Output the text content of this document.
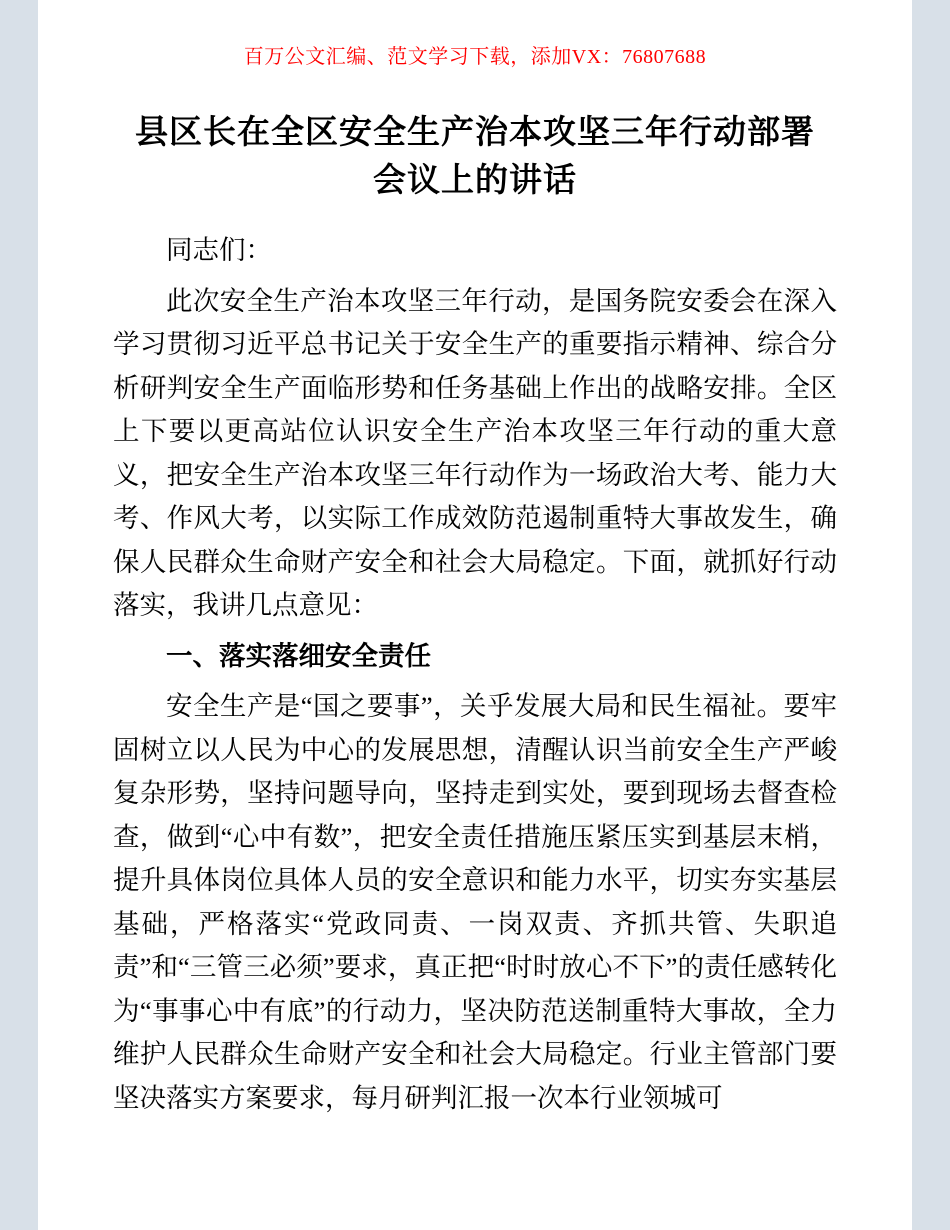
百万公文汇编、范文学习下载，添加VX：76807688
县区长在全区安全生产治本攻坚三年行动部署
会议上的讲话

同志们：

此次安全生产治本攻坚三年行动，是国务院安委会在深入学习贯彻习近平总书记关于安全生产的重要指示精神、综合分析研判安全生产面临形势和任务基础上作出的战略安排。全区上下要以更高站位认识安全生产治本攻坚三年行动的重大意义，把安全生产治本攻坚三年行动作为一场政治大考、能力大考、作风大考，以实际工作成效防范遏制重特大事故发生，确保人民群众生命财产安全和社会大局稳定。下面，就抓好行动落实，我讲几点意见：

一、落实落细安全责任

安全生产是“国之要事”，关乎发展大局和民生福祉。要牢固树立以人民为中心的发展思想，清醒认识当前安全生产严峻复杂形势，坚持问题导向，坚持走到实处，要到现场去督查检查，做到“心中有数”，把安全责任措施压紧压实到基层末梢，提升具体岗位具体人员的安全意识和能力水平，切实夯实基层基础，严格落实“党政同责、一岗双责、齐抓共管、失职追责”和“三管三必须”要求，真正把“时时放心不下”的责任感转化为“事事心中有底”的行动力，坚决防范送制重特大事故，全力维护人民群众生命财产安全和社会大局稳定。行业主管部门要坚决落实方案要求，每月研判汇报一次本行业领城可
